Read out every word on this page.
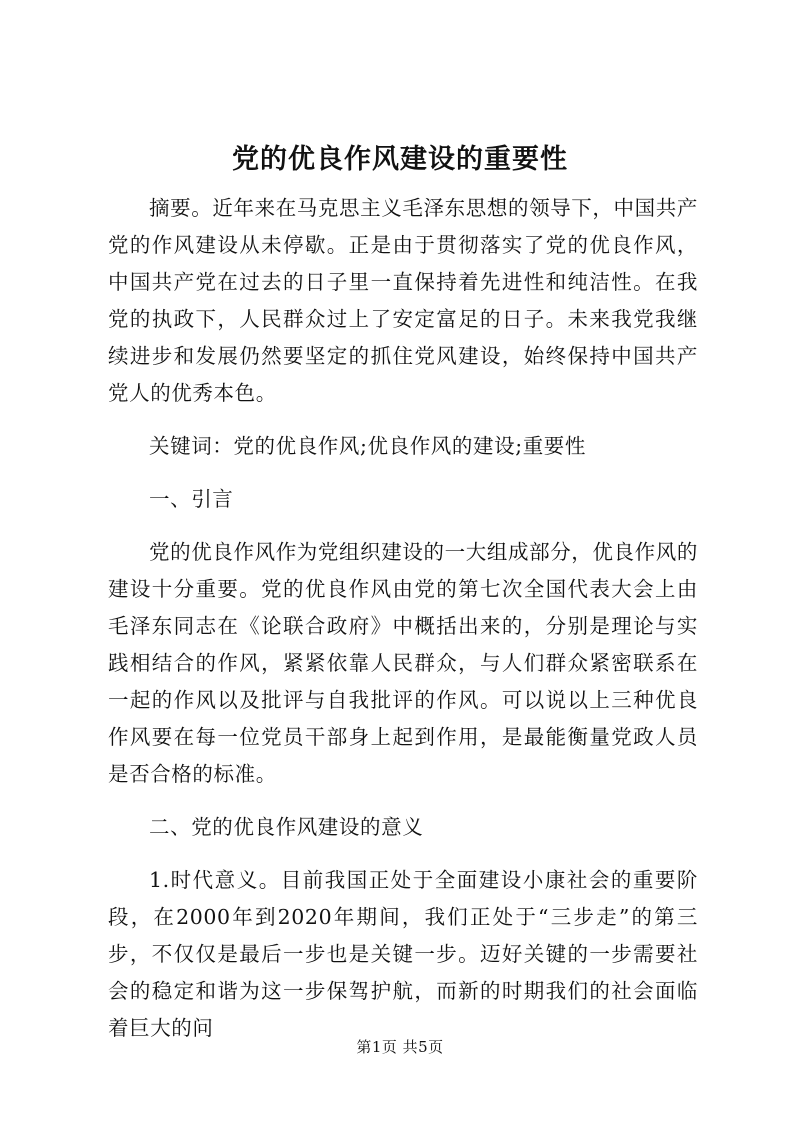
党的优良作风建设的重要性

摘要。近年来在马克思主义毛泽东思想的领导下，中国共产党的作风建设从未停歇。正是由于贯彻落实了党的优良作风，中国共产党在过去的日子里一直保持着先进性和纯洁性。在我党的执政下，人民群众过上了安定富足的日子。未来我党我继续进步和发展仍然要坚定的抓住党风建设，始终保持中国共产党人的优秀本色。

关键词：党的优良作风;优良作风的建设;重要性

一、引言

党的优良作风作为党组织建设的一大组成部分，优良作风的建设十分重要。党的优良作风由党的第七次全国代表大会上由毛泽东同志在《论联合政府》中概括出来的，分别是理论与实践相结合的作风，紧紧依靠人民群众，与人们群众紧密联系在一起的作风以及批评与自我批评的作风。可以说以上三种优良作风要在每一位党员干部身上起到作用，是最能衡量党政人员是否合格的标准。

二、党的优良作风建设的意义

1.时代意义。目前我国正处于全面建设小康社会的重要阶段，在2000年到2020年期间，我们正处于“三步走”的第三步，不仅仅是最后一步也是关键一步。迈好关键的一步需要社会的稳定和谐为这一步保驾护航，而新的时期我们的社会面临着巨大的问

第1页 共5页
